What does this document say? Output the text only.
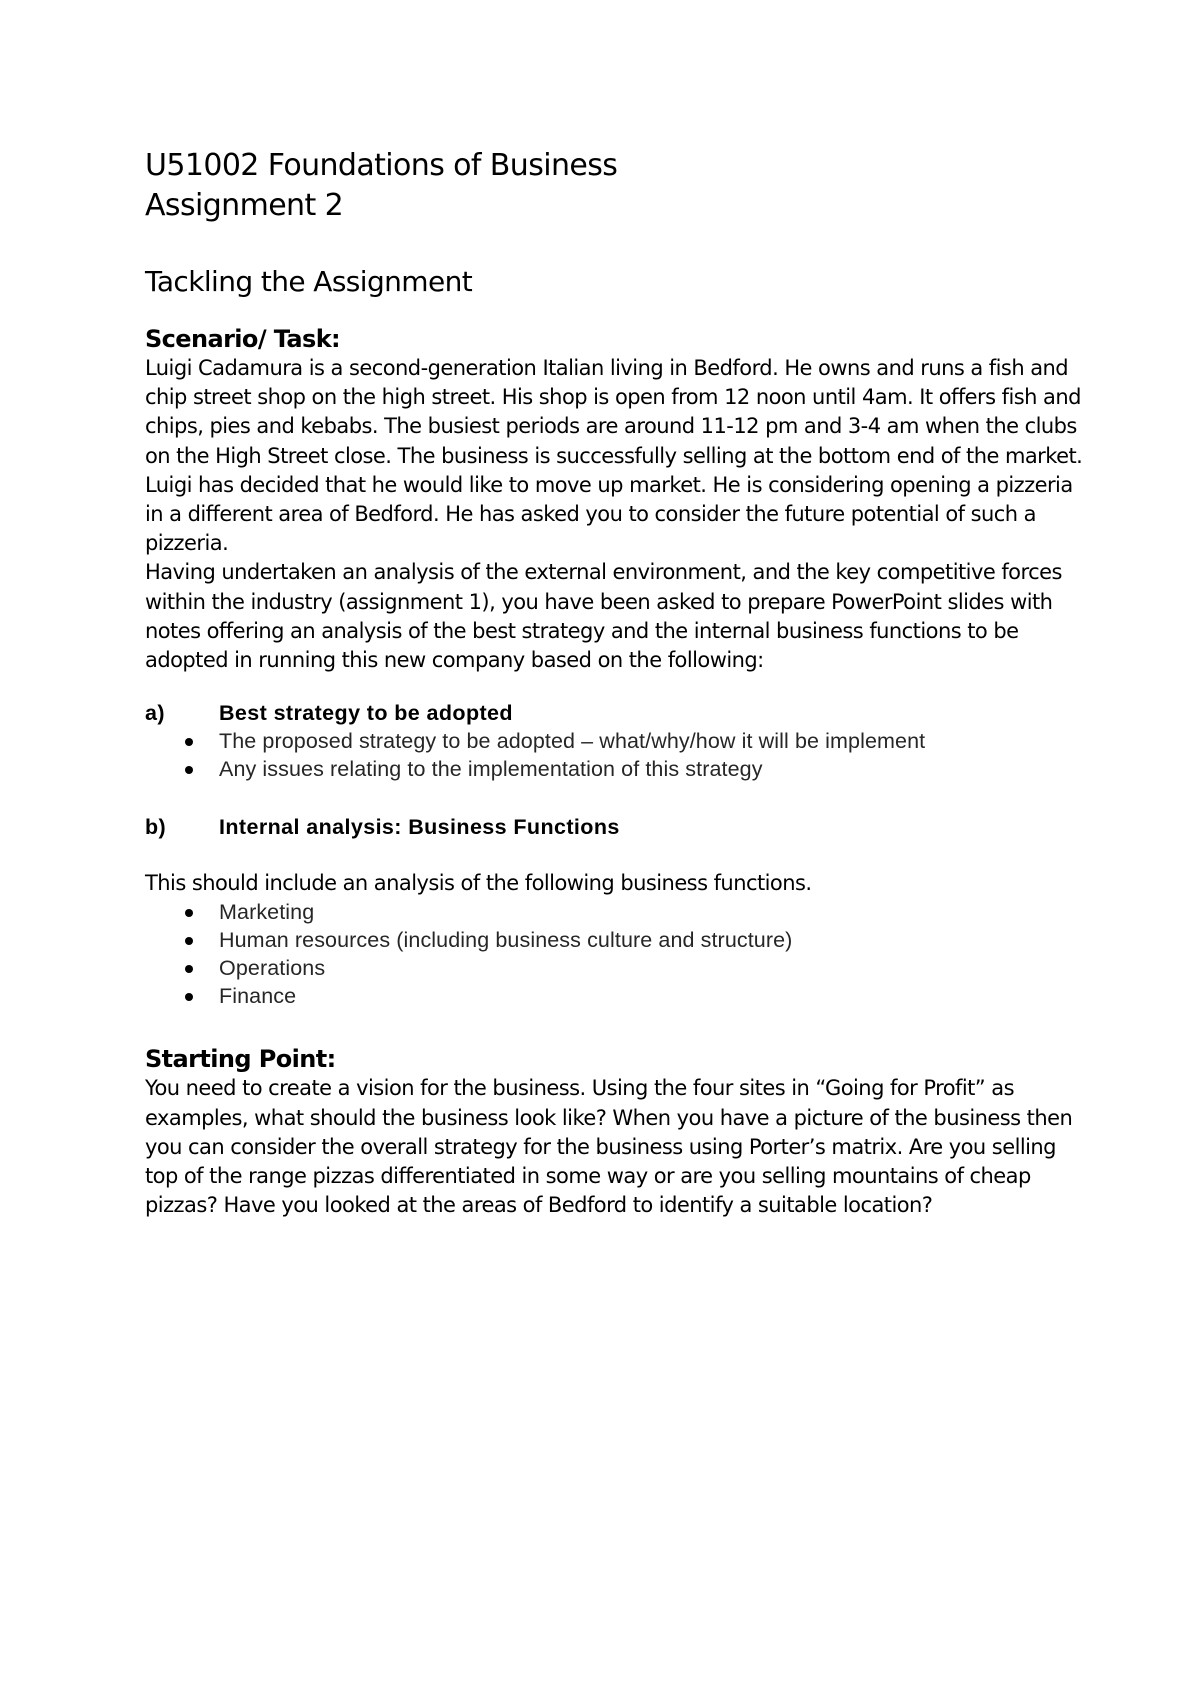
U51002 Foundations of Business
Assignment 2
Tackling the Assignment
Scenario/ Task:

Luigi Cadamura is a second-generation Italian living in Bedford. He owns and runs a fish and chip street shop on the high street. His shop is open from 12 noon until 4am. It offers fish and chips, pies and kebabs. The busiest periods are around 11-12 pm and 3-4 am when the clubs on the High Street close. The business is successfully selling at the bottom end of the market. Luigi has decided that he would like to move up market. He is considering opening a pizzeria in a different area of Bedford. He has asked you to consider the future potential of such a pizzeria.

Having undertaken an analysis of the external environment, and the key competitive forces within the industry (assignment 1), you have been asked to prepare PowerPoint slides with notes offering an analysis of the best strategy and the internal business functions to be adopted in running this new company based on the following:

a)	Best strategy to be adopted
The proposed strategy to be adopted – what/why/how it will be implement
Any issues relating to the implementation of this strategy
b)	Internal analysis: Business Functions

This should include an analysis of the following business functions.

Marketing
Human resources (including business culture and structure)
Operations
Finance
Starting Point:

You need to create a vision for the business. Using the four sites in “Going for Profit” as examples, what should the business look like? When you have a picture of the business then you can consider the overall strategy for the business using Porter’s matrix. Are you selling top of the range pizzas differentiated in some way or are you selling mountains of cheap pizzas? Have you looked at the areas of Bedford to identify a suitable location?
